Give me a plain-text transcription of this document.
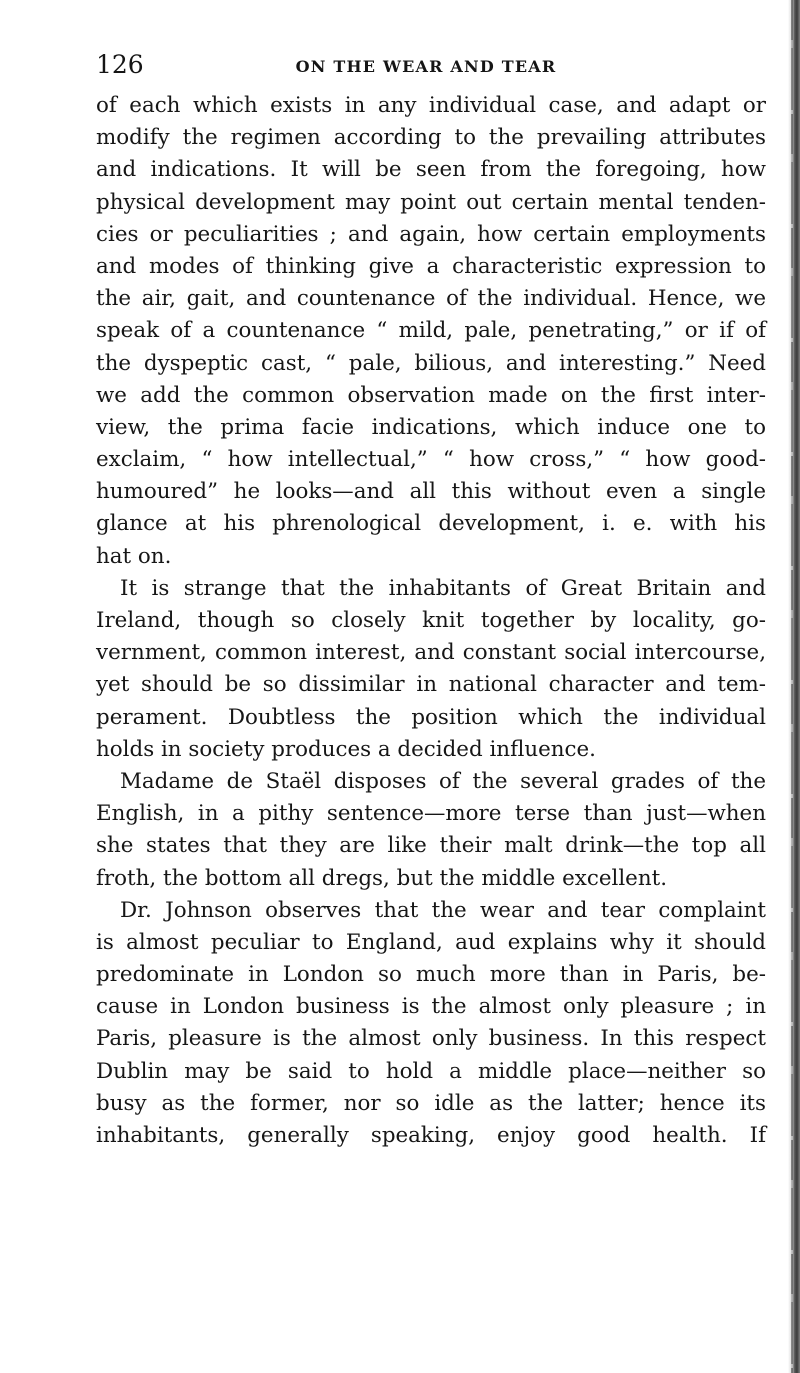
126	ON THE WEAR AND TEAR
of each which exists in any individual case, and adapt or
modify the regimen according to the prevailing attributes
and indications. It will be seen from the foregoing, how
physical development may point out certain mental tenden-
cies or peculiarities ; and again, how certain employments
and modes of thinking give a characteristic expression to
the air, gait, and countenance of the individual. Hence, we
speak of a countenance “ mild, pale, penetrating,” or if of
the dyspeptic cast, “ pale, bilious, and interesting.” Need
we add the common observation made on the first inter-
view, the prima facie indications, which induce one to
exclaim, “ how intellectual,” “ how cross,” “ how good-
humoured” he looks—and all this without even a single
glance at his phrenological development, i. e. with his
hat on.
It is strange that the inhabitants of Great Britain and
Ireland, though so closely knit together by locality, go-
vernment, common interest, and constant social intercourse,
yet should be so dissimilar in national character and tem-
perament. Doubtless the position which the individual
holds in society produces a decided influence.
Madame de Staël disposes of the several grades of the
English, in a pithy sentence—more terse than just—when
she states that they are like their malt drink—the top all
froth, the bottom all dregs, but the middle excellent.
Dr. Johnson observes that the wear and tear complaint
is almost peculiar to England, aud explains why it should
predominate in London so much more than in Paris, be-
cause in London business is the almost only pleasure ; in
Paris, pleasure is the almost only business. In this respect
Dublin may be said to hold a middle place—neither so
busy as the former, nor so idle as the latter; hence its
inhabitants, generally speaking, enjoy good health. If
